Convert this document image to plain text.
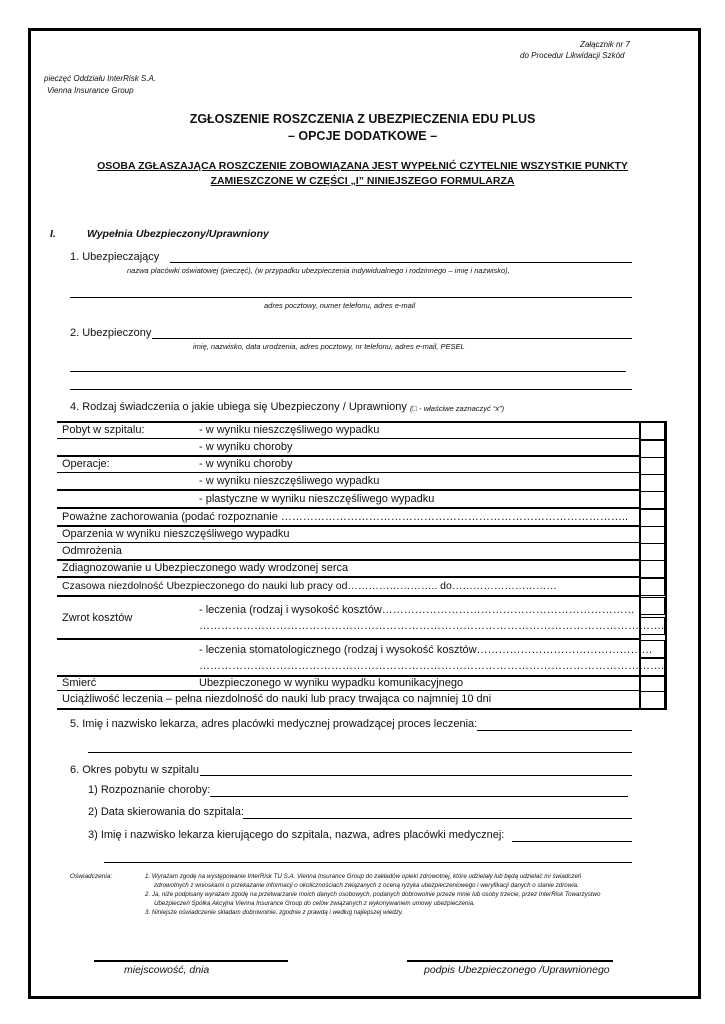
Załącznik nr 7
do Procedur Likwidacji Szkód
pieczęć Oddziału InterRisk S.A.
Vienna Insurance Group
ZGŁOSZENIE ROSZCZENIA Z UBEZPIECZENIA EDU PLUS
– OPCJE DODATKOWE –
OSOBA ZGŁASZAJĄCA ROSZCZENIE ZOBOWIĄZANA JEST WYPEŁNIĆ CZYTELNIE WSZYSTKIE PUNKTY
ZAMIESZCZONE W CZĘŚCI „I” NINIEJSZEGO FORMULARZA
I.	Wypełnia Ubezpieczony/Uprawniony
1. Ubezpieczający
nazwa placówki oświatowej (pieczęć), (w przypadku ubezpieczenia indywidualnego i rodzinnego – imię i nazwisko),
adres pocztowy, numer telefonu, adres e-mail
2. Ubezpieczony
imię, nazwisko, data urodzenia, adres pocztowy, nr telefonu, adres e-mail, PESEL
4. Rodzaj świadczenia o jakie ubiega się Ubezpieczony / Uprawniony (□ - właściwe zaznaczyć “x”)
Pobyt w szpitalu:	- w wyniku nieszczęśliwego wypadku
- w wyniku choroby
Operacje:	- w wyniku choroby
- w wyniku nieszczęśliwego wypadku
- plastyczne w wyniku nieszczęśliwego wypadku
Poważne zachorowania (podać rozpoznanie …………………………………………………………………………………..
Oparzenia w wyniku nieszczęśliwego wypadku
Odmrożenia
Zdiagnozowanie u Ubezpieczonego wady wrodzonej serca
Czasowa niezdolność Ubezpieczonego do nauki lub pracy od…………………….. do…………………………
Zwrot kosztów
- leczenia (rodzaj i wysokość kosztów……………………………………………………………
……………………………………………………………………………………………………………….)
- leczenia stomatologicznego (rodzaj i wysokość kosztów…………………………………………
……………………………………………………………………………………………………………….)
Śmierć	Ubezpieczonego w wyniku wypadku komunikacyjnego
Uciążliwość leczenia – pełna niezdolność do nauki lub pracy trwająca co najmniej 10 dni
5. Imię i nazwisko lekarza, adres placówki medycznej prowadzącej proces leczenia:
6. Okres pobytu w szpitalu
1) Rozpoznanie choroby:
2) Data skierowania do szpitala:
3) Imię i nazwisko lekarza kierującego do szpitala, nazwa, adres placówki medycznej:
Oświadczenia:	1. Wyrażam zgodę na występowanie InterRisk TU S.A. Vienna Insurance Group do zakładów opieki zdrowotnej, które udzielały lub będą udzielać mi świadczeń
zdrowotnych z wnioskami o przekazanie informacji o okolicznościach związanych z oceną ryzyka ubezpieczeniowego i weryfikacji danych o stanie zdrowia.
2. Ja, niże podpisany wyrażam zgodę na przetwarzanie moich danych osobowych, podanych dobrowolnie przeze mnie lub osoby trzecie, przez InterRisk Towarzystwo
Ubezpieczeń Spółka Akcyjna Vienna Insurance Group do celów związanych z wykonywaniem umowy ubezpieczenia.
3. Niniejsze oświadczenie składam dobrowolnie, zgodnie z prawdą i według najlepszej wiedzy.
miejscowość, dnia	podpis Ubezpieczonego /Uprawnionego
